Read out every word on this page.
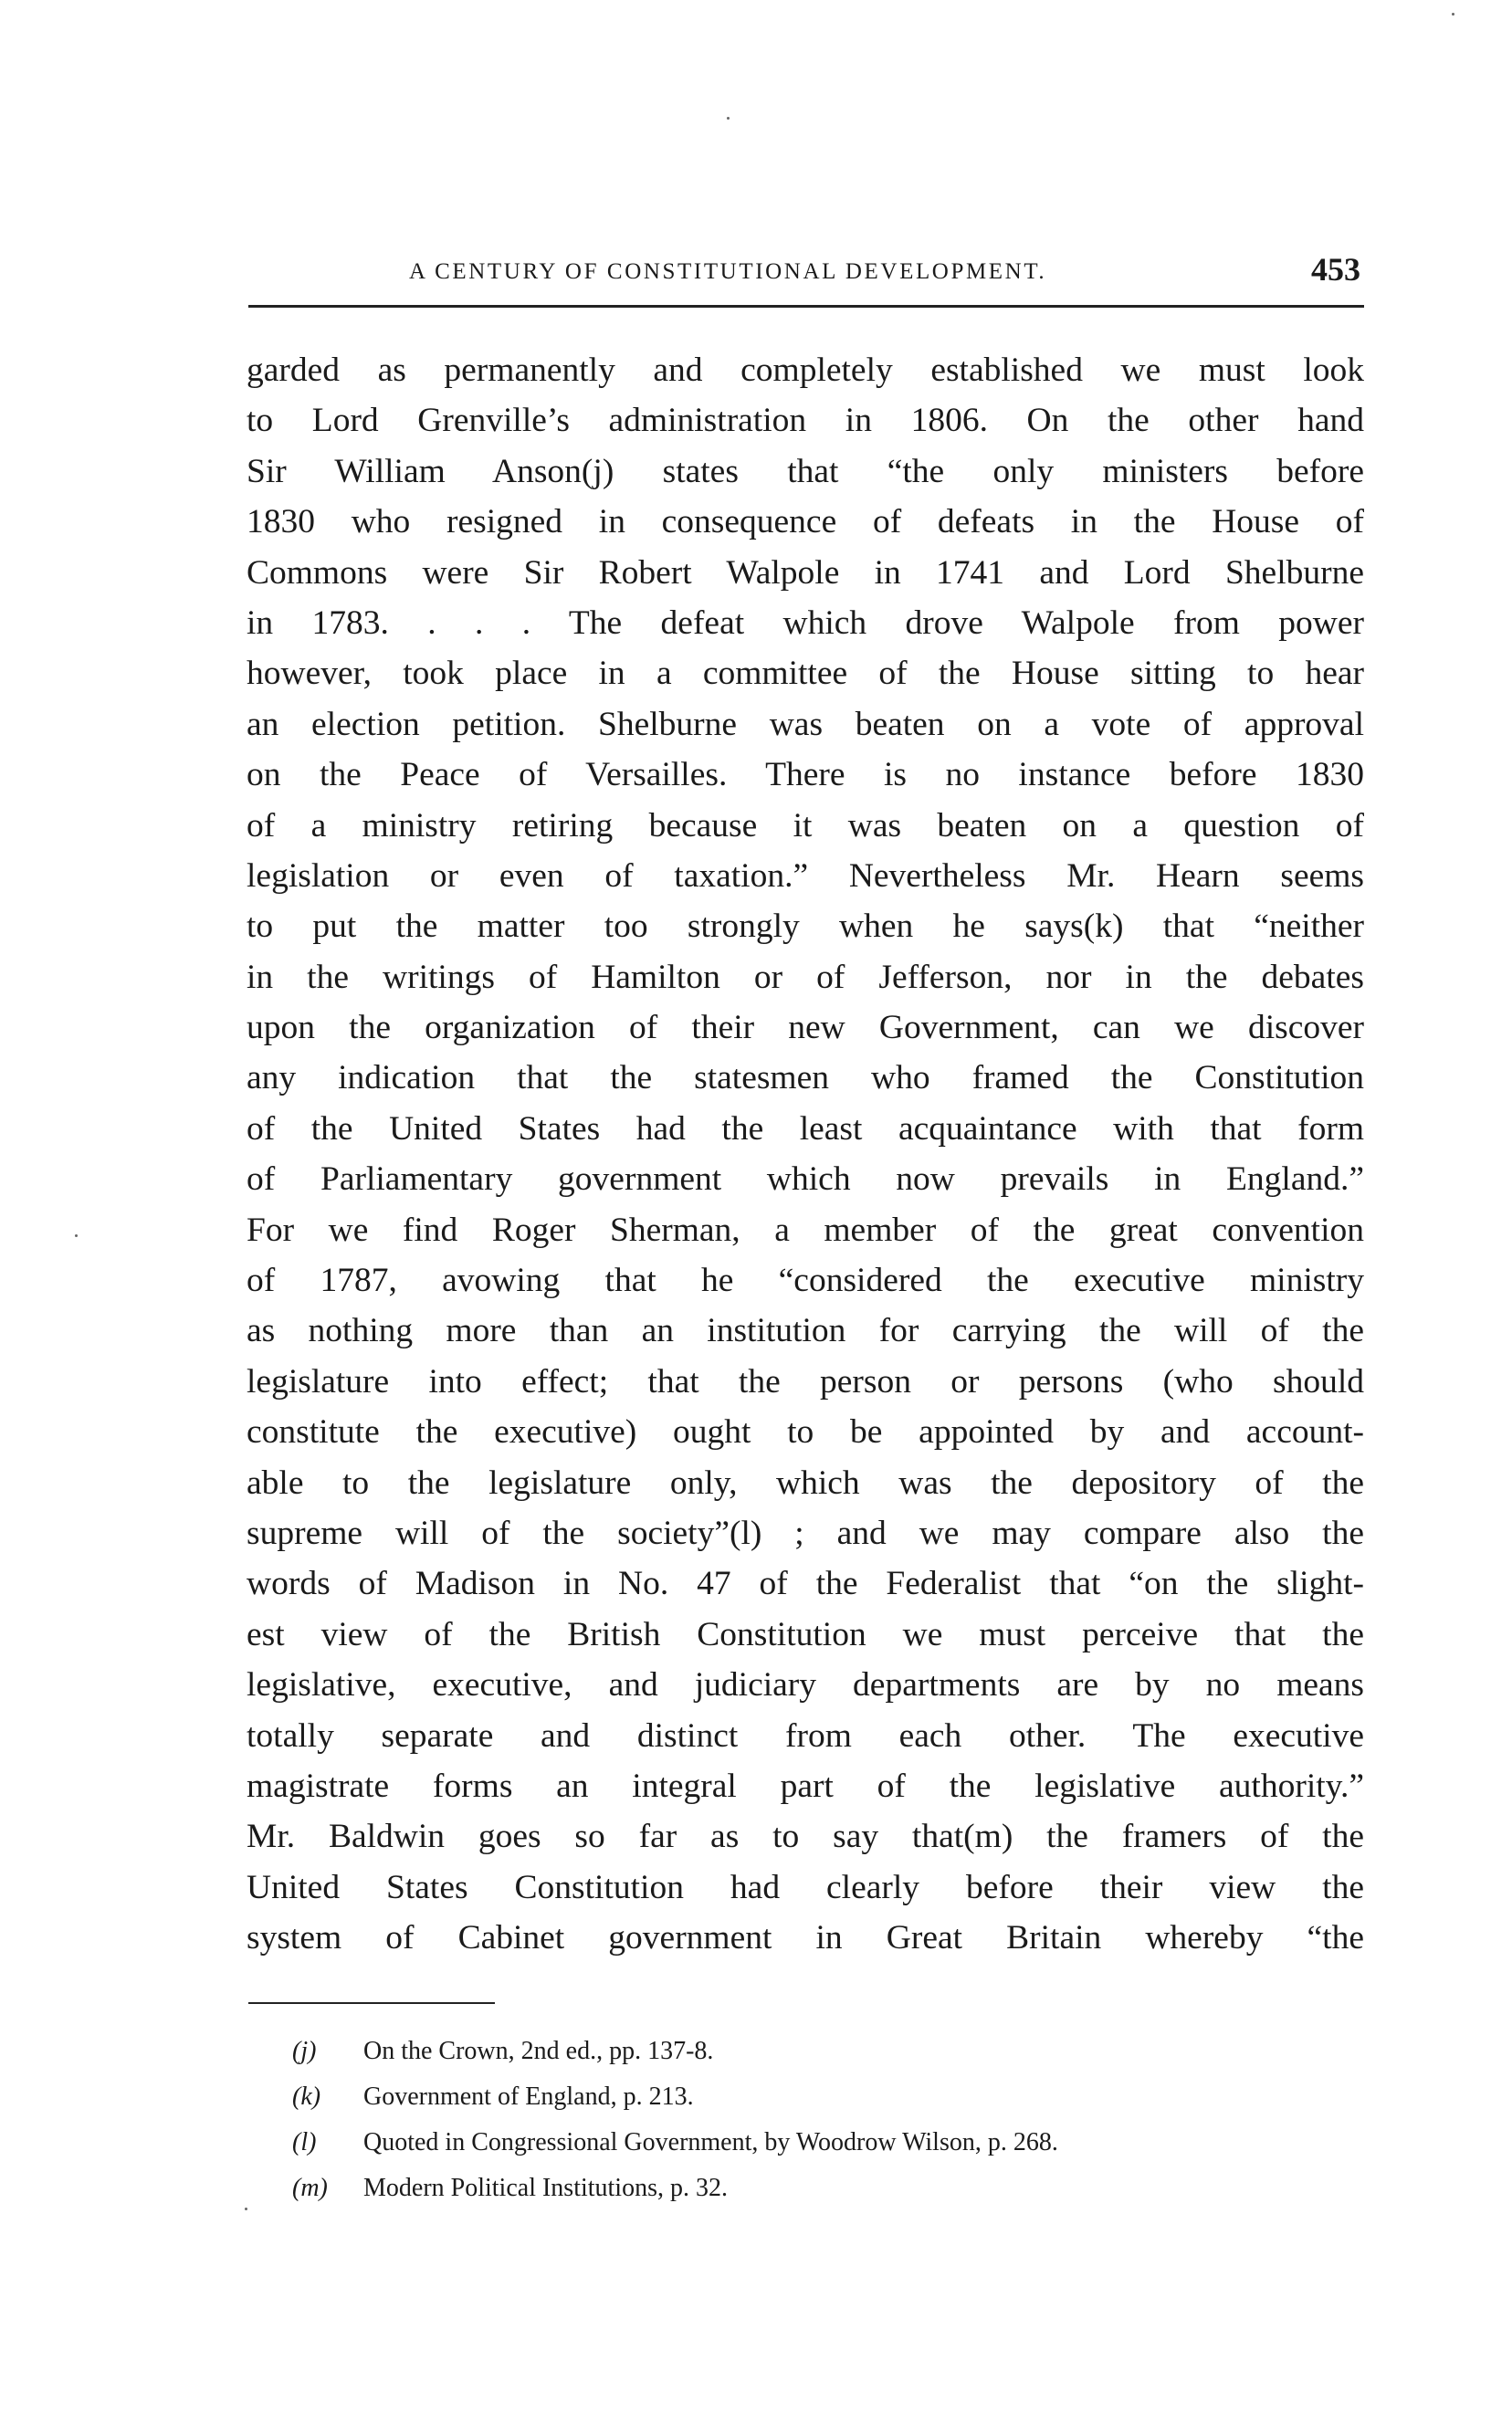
A CENTURY OF CONSTITUTIONAL DEVELOPMENT.	453
garded as permanently and completely established we must look
to Lord Grenville’s administration in 1806. On the other hand
Sir William Anson(j) states that “the only ministers before
1830 who resigned in consequence of defeats in the House of
Commons were Sir Robert Walpole in 1741 and Lord Shelburne
in 1783. . . . The defeat which drove Walpole from power
however, took place in a committee of the House sitting to hear
an election petition. Shelburne was beaten on a vote of approval
on the Peace of Versailles. There is no instance before 1830
of a ministry retiring because it was beaten on a question of
legislation or even of taxation.” Nevertheless Mr. Hearn seems
to put the matter too strongly when he says(k) that “neither
in the writings of Hamilton or of Jefferson, nor in the debates
upon the organization of their new Government, can we discover
any indication that the statesmen who framed the Constitution
of the United States had the least acquaintance with that form
of Parliamentary government which now prevails in England.”
For we find Roger Sherman, a member of the great convention
of 1787, avowing that he “considered the executive ministry
as nothing more than an institution for carrying the will of the
legislature into effect; that the person or persons (who should
constitute the executive) ought to be appointed by and account-
able to the legislature only, which was the depository of the
supreme will of the society”(l) ; and we may compare also the
words of Madison in No. 47 of the Federalist that “on the slight-
est view of the British Constitution we must perceive that the
legislative, executive, and judiciary departments are by no means
totally separate and distinct from each other. The executive
magistrate forms an integral part of the legislative authority.”
Mr. Baldwin goes so far as to say that(m) the framers of the
United States Constitution had clearly before their view the
system of Cabinet government in Great Britain whereby “the
(j) On the Crown, 2nd ed., pp. 137-8.
(k) Government of England, p. 213.
(l) Quoted in Congressional Government, by Woodrow Wilson, p. 268.
(m) Modern Political Institutions, p. 32.
